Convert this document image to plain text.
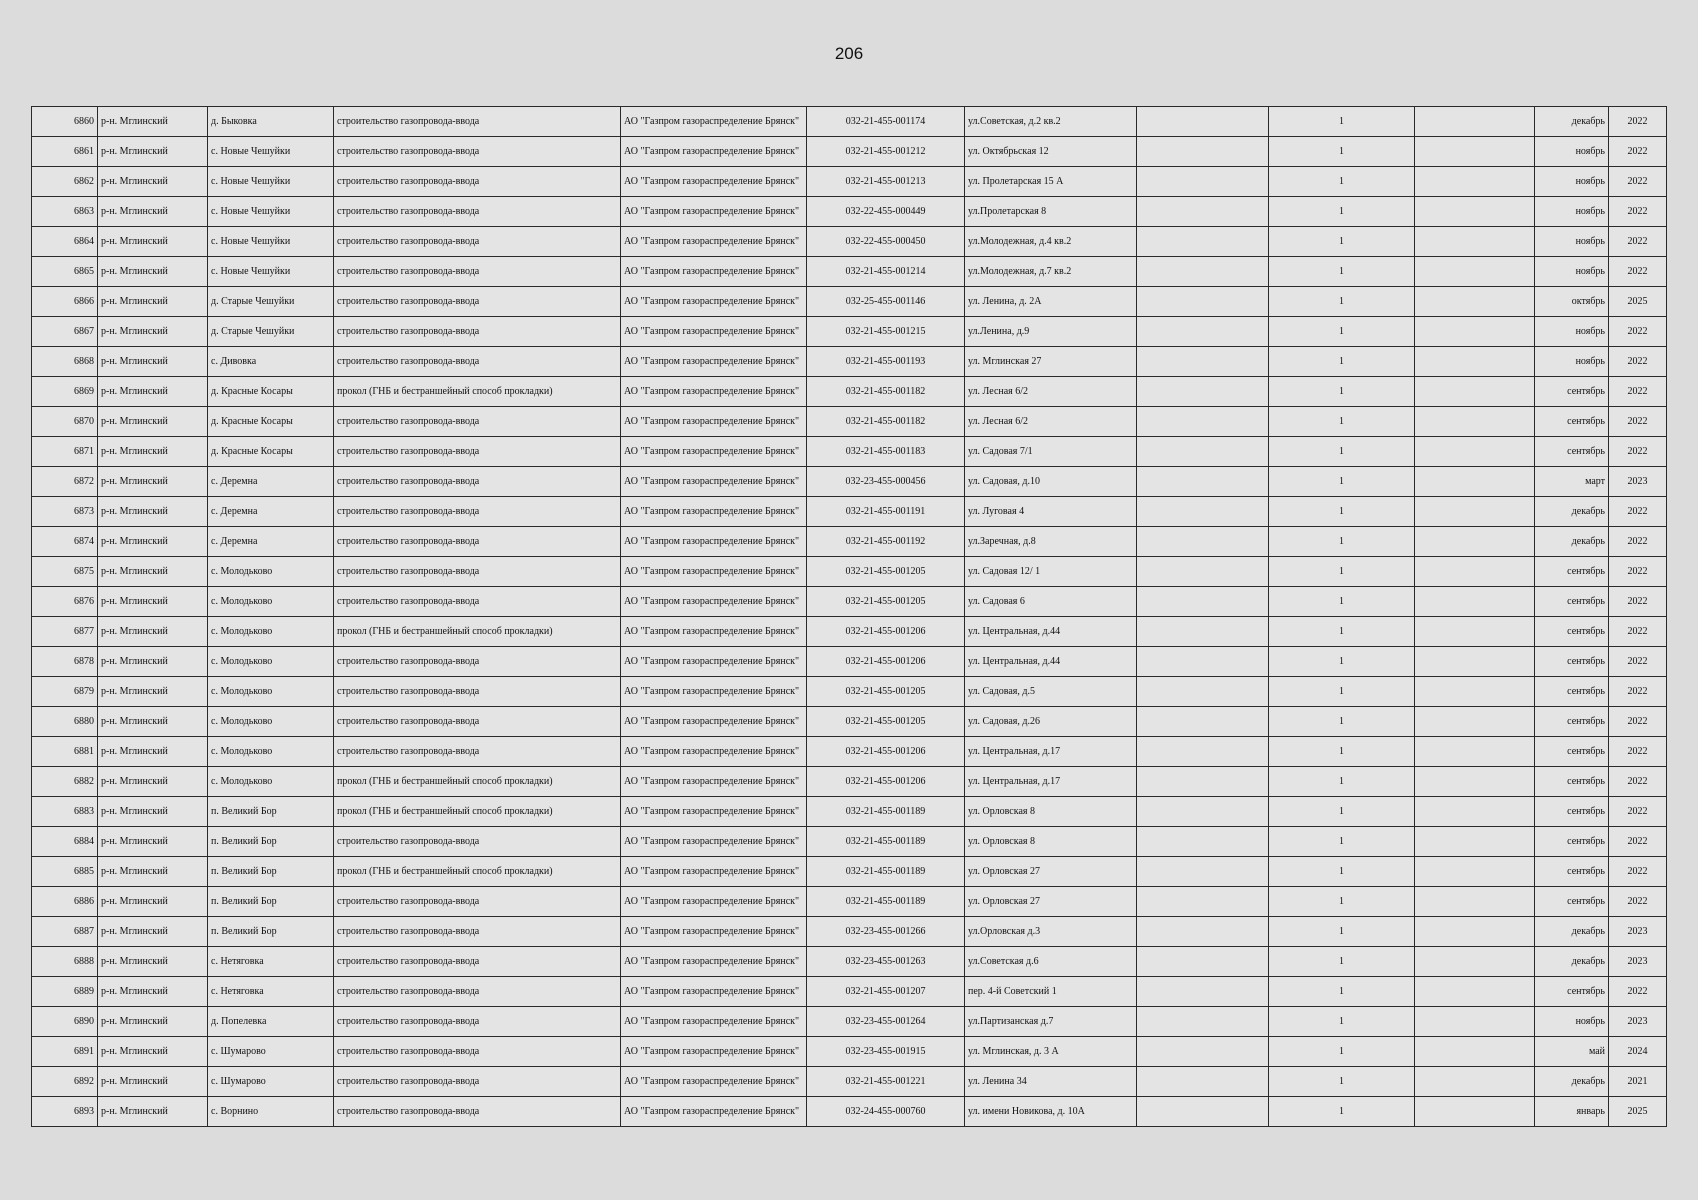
206
6860	р-н. Мглинский	д. Быковка	строительство газопровода-ввода	АО "Газпром газораспределение Брянск"	032-21-455-001174	ул.Советская, д.2 кв.2		1		декабрь	2022
6861	р-н. Мглинский	с. Новые Чешуйки	строительство газопровода-ввода	АО "Газпром газораспределение Брянск"	032-21-455-001212	ул. Октябрьская 12		1		ноябрь	2022
6862	р-н. Мглинский	с. Новые Чешуйки	строительство газопровода-ввода	АО "Газпром газораспределение Брянск"	032-21-455-001213	ул. Пролетарская 15 А		1		ноябрь	2022
6863	р-н. Мглинский	с. Новые Чешуйки	строительство газопровода-ввода	АО "Газпром газораспределение Брянск"	032-22-455-000449	ул.Пролетарская 8		1		ноябрь	2022
6864	р-н. Мглинский	с. Новые Чешуйки	строительство газопровода-ввода	АО "Газпром газораспределение Брянск"	032-22-455-000450	ул.Молодежная, д.4 кв.2		1		ноябрь	2022
6865	р-н. Мглинский	с. Новые Чешуйки	строительство газопровода-ввода	АО "Газпром газораспределение Брянск"	032-21-455-001214	ул.Молодежная, д.7 кв.2		1		ноябрь	2022
6866	р-н. Мглинский	д. Старые Чешуйки	строительство газопровода-ввода	АО "Газпром газораспределение Брянск"	032-25-455-001146	ул. Ленина, д. 2А		1		октябрь	2025
6867	р-н. Мглинский	д. Старые Чешуйки	строительство газопровода-ввода	АО "Газпром газораспределение Брянск"	032-21-455-001215	ул.Ленина, д.9		1		ноябрь	2022
6868	р-н. Мглинский	с. Дивовка	строительство газопровода-ввода	АО "Газпром газораспределение Брянск"	032-21-455-001193	ул. Мглинская 27		1		ноябрь	2022
6869	р-н. Мглинский	д. Красные Косары	прокол (ГНБ и бестраншейный способ прокладки)	АО "Газпром газораспределение Брянск"	032-21-455-001182	ул. Лесная 6/2		1		сентябрь	2022
6870	р-н. Мглинский	д. Красные Косары	строительство газопровода-ввода	АО "Газпром газораспределение Брянск"	032-21-455-001182	ул. Лесная 6/2		1		сентябрь	2022
6871	р-н. Мглинский	д. Красные Косары	строительство газопровода-ввода	АО "Газпром газораспределение Брянск"	032-21-455-001183	ул. Садовая 7/1		1		сентябрь	2022
6872	р-н. Мглинский	с. Деремна	строительство газопровода-ввода	АО "Газпром газораспределение Брянск"	032-23-455-000456	ул. Садовая, д.10		1		март	2023
6873	р-н. Мглинский	с. Деремна	строительство газопровода-ввода	АО "Газпром газораспределение Брянск"	032-21-455-001191	ул. Луговая 4		1		декабрь	2022
6874	р-н. Мглинский	с. Деремна	строительство газопровода-ввода	АО "Газпром газораспределение Брянск"	032-21-455-001192	ул.Заречная, д.8		1		декабрь	2022
6875	р-н. Мглинский	с. Молодьково	строительство газопровода-ввода	АО "Газпром газораспределение Брянск"	032-21-455-001205	ул. Садовая 12/ 1		1		сентябрь	2022
6876	р-н. Мглинский	с. Молодьково	строительство газопровода-ввода	АО "Газпром газораспределение Брянск"	032-21-455-001205	ул. Садовая 6		1		сентябрь	2022
6877	р-н. Мглинский	с. Молодьково	прокол (ГНБ и бестраншейный способ прокладки)	АО "Газпром газораспределение Брянск"	032-21-455-001206	ул. Центральная, д.44		1		сентябрь	2022
6878	р-н. Мглинский	с. Молодьково	строительство газопровода-ввода	АО "Газпром газораспределение Брянск"	032-21-455-001206	ул. Центральная, д.44		1		сентябрь	2022
6879	р-н. Мглинский	с. Молодьково	строительство газопровода-ввода	АО "Газпром газораспределение Брянск"	032-21-455-001205	ул. Садовая, д.5		1		сентябрь	2022
6880	р-н. Мглинский	с. Молодьково	строительство газопровода-ввода	АО "Газпром газораспределение Брянск"	032-21-455-001205	ул. Садовая, д.26		1		сентябрь	2022
6881	р-н. Мглинский	с. Молодьково	строительство газопровода-ввода	АО "Газпром газораспределение Брянск"	032-21-455-001206	ул. Центральная, д.17		1		сентябрь	2022
6882	р-н. Мглинский	с. Молодьково	прокол (ГНБ и бестраншейный способ прокладки)	АО "Газпром газораспределение Брянск"	032-21-455-001206	ул. Центральная, д.17		1		сентябрь	2022
6883	р-н. Мглинский	п. Великий Бор	прокол (ГНБ и бестраншейный способ прокладки)	АО "Газпром газораспределение Брянск"	032-21-455-001189	ул. Орловская 8		1		сентябрь	2022
6884	р-н. Мглинский	п. Великий Бор	строительство газопровода-ввода	АО "Газпром газораспределение Брянск"	032-21-455-001189	ул. Орловская 8		1		сентябрь	2022
6885	р-н. Мглинский	п. Великий Бор	прокол (ГНБ и бестраншейный способ прокладки)	АО "Газпром газораспределение Брянск"	032-21-455-001189	ул. Орловская 27		1		сентябрь	2022
6886	р-н. Мглинский	п. Великий Бор	строительство газопровода-ввода	АО "Газпром газораспределение Брянск"	032-21-455-001189	ул. Орловская 27		1		сентябрь	2022
6887	р-н. Мглинский	п. Великий Бор	строительство газопровода-ввода	АО "Газпром газораспределение Брянск"	032-23-455-001266	ул.Орловская д.3		1		декабрь	2023
6888	р-н. Мглинский	с. Нетяговка	строительство газопровода-ввода	АО "Газпром газораспределение Брянск"	032-23-455-001263	ул.Советская д.6		1		декабрь	2023
6889	р-н. Мглинский	с. Нетяговка	строительство газопровода-ввода	АО "Газпром газораспределение Брянск"	032-21-455-001207	пер. 4-й Советский 1		1		сентябрь	2022
6890	р-н. Мглинский	д. Попелевка	строительство газопровода-ввода	АО "Газпром газораспределение Брянск"	032-23-455-001264	ул.Партизанская д.7		1		ноябрь	2023
6891	р-н. Мглинский	с. Шумарово	строительство газопровода-ввода	АО "Газпром газораспределение Брянск"	032-23-455-001915	ул. Мглинская, д. 3 А		1		май	2024
6892	р-н. Мглинский	с. Шумарово	строительство газопровода-ввода	АО "Газпром газораспределение Брянск"	032-21-455-001221	ул. Ленина 34		1		декабрь	2021
6893	р-н. Мглинский	с. Ворнино	строительство газопровода-ввода	АО "Газпром газораспределение Брянск"	032-24-455-000760	ул. имени Новикова, д. 10А		1		январь	2025
